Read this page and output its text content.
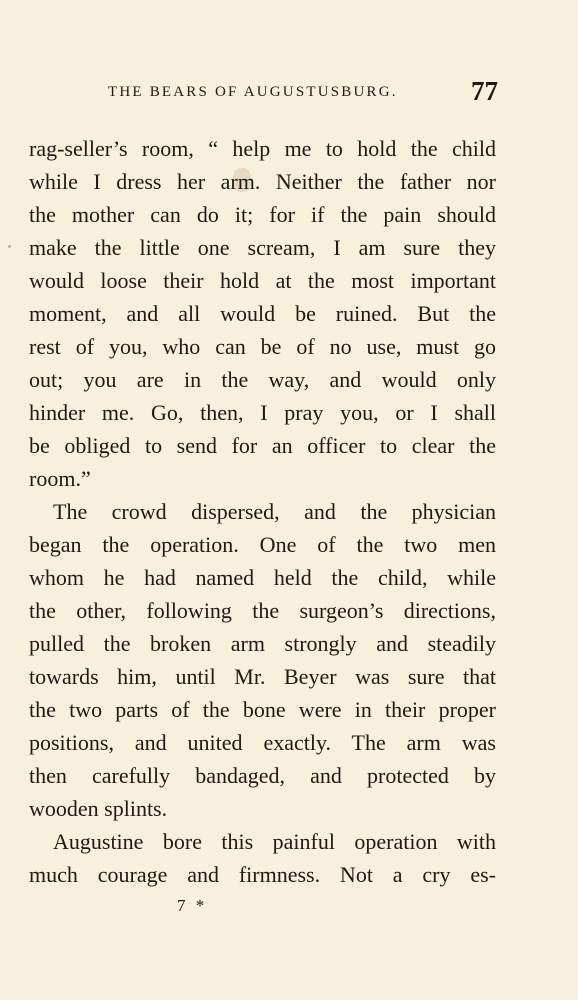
THE BEARS OF AUGUSTUSBURG.	77
rag-seller’s room, “ help me to hold the child
while I dress her arm. Neither the father nor
the mother can do it; for if the pain should
make the little one scream, I am sure they
would loose their hold at the most important
moment, and all would be ruined. But the
rest of you, who can be of no use, must go
out; you are in the way, and would only
hinder me. Go, then, I pray you, or I shall
be obliged to send for an officer to clear the
room.”
The crowd dispersed, and the physician
began the operation. One of the two men
whom he had named held the child, while
the other, following the surgeon’s directions,
pulled the broken arm strongly and steadily
towards him, until Mr. Beyer was sure that
the two parts of the bone were in their proper
positions, and united exactly. The arm was
then carefully bandaged, and protected by
wooden splints.
Augustine bore this painful operation with
much courage and firmness. Not a cry es-
7 *
